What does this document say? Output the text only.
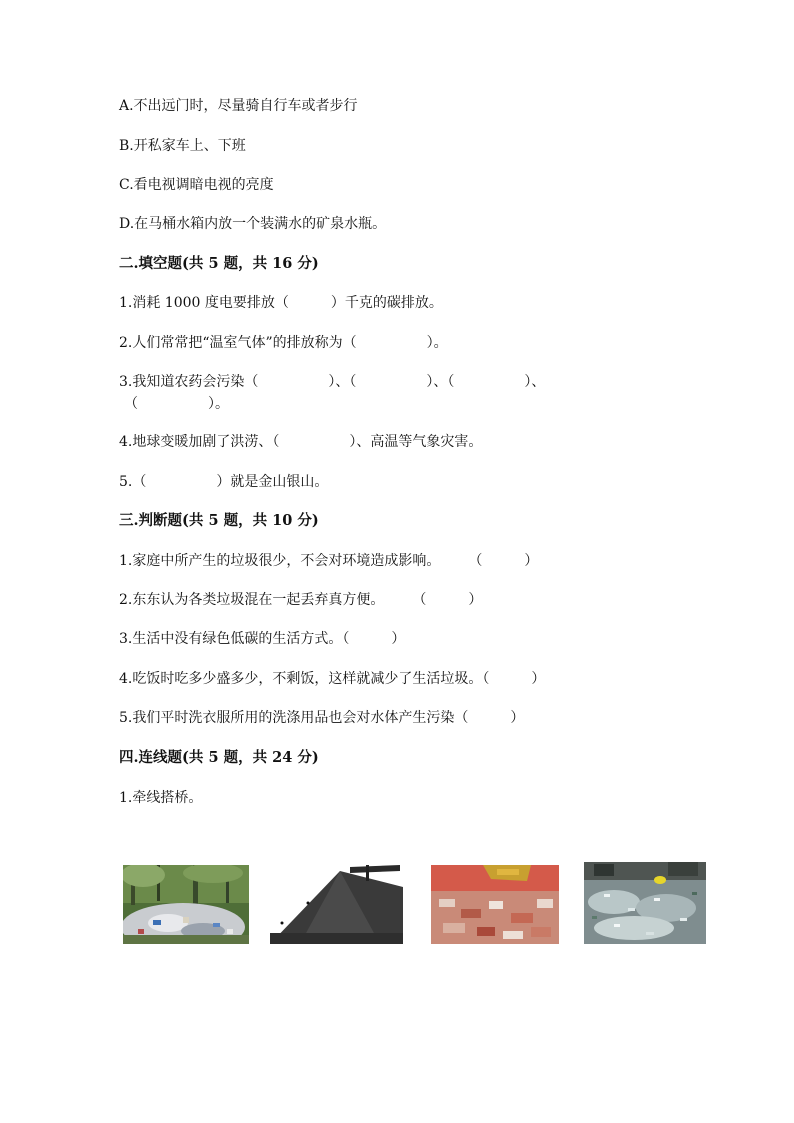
A.不出远门时，尽量骑自行车或者步行
B.开私家车上、下班
C.看电视调暗电视的亮度
D.在马桶水箱内放一个装满水的矿泉水瓶。
二.填空题(共 5 题，共 16 分)
1.消耗 1000 度电要排放（　　　）千克的碳排放。
2.人们常常把“温室气体”的排放称为（　　　　　）。
3.我知道农药会污染（　　　　　）、（　　　　　）、（　　　　　）、
（　　　　　）。
4.地球变暖加剧了洪涝、（　　　　　）、高温等气象灾害。
5.（　　　　　）就是金山银山。
三.判断题(共 5 题，共 10 分)
1.家庭中所产生的垃圾很少，不会对环境造成影响。　　　（　　　）
2.东东认为各类垃圾混在一起丢弃真方便。　　　（　　　）
3.生活中没有绿色低碳的生活方式。（　　　）
4.吃饭时吃多少盛多少，不剩饭，这样就减少了生活垃圾。（　　　）
5.我们平时洗衣服所用的洗涤用品也会对水体产生污染（　　　）
四.连线题(共 5 题，共 24 分)
1.牵线搭桥。
